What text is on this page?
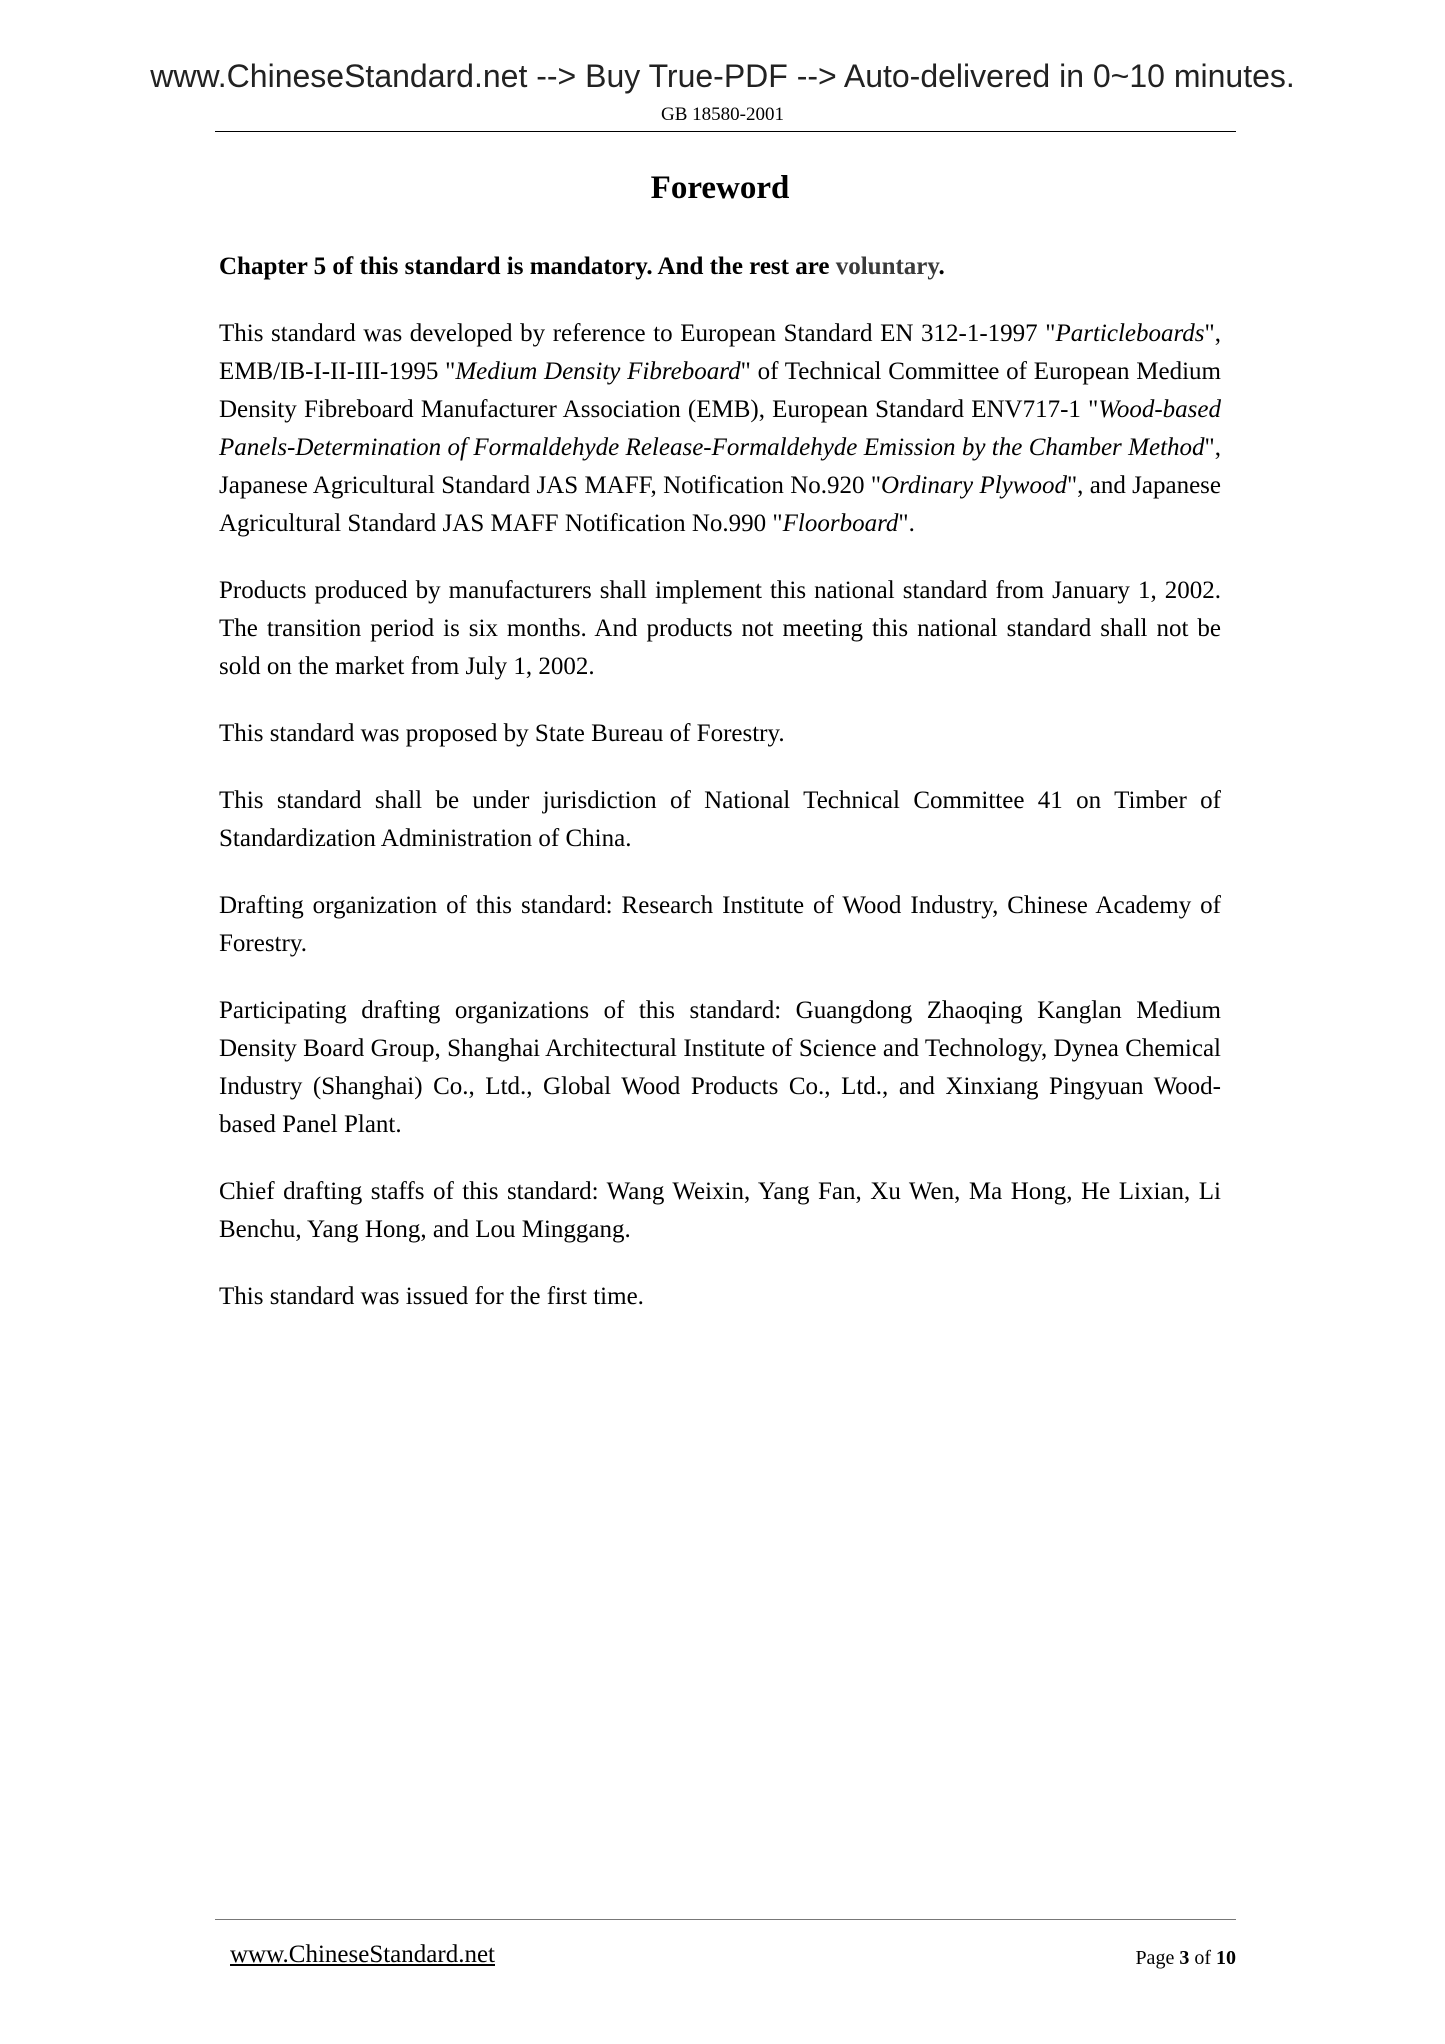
www.ChineseStandard.net --> Buy True-PDF --> Auto-delivered in 0~10 minutes.
GB 18580-2001
Foreword

Chapter 5 of this standard is mandatory. And the rest are voluntary.

This standard was developed by reference to European Standard EN 312-1-1997 "Particleboards", EMB/IB-I-II-III-1995 "Medium Density Fibreboard" of Technical Committee of European Medium Density Fibreboard Manufacturer Association (EMB), European Standard ENV717-1 "Wood-based Panels-Determination of Formaldehyde Release-Formaldehyde Emission by the Chamber Method", Japanese Agricultural Standard JAS MAFF, Notification No.920 "Ordinary Plywood", and Japanese Agricultural Standard JAS MAFF Notification No.990 "Floorboard".

Products produced by manufacturers shall implement this national standard from January 1, 2002. The transition period is six months. And products not meeting this national standard shall not be sold on the market from July 1, 2002.

This standard was proposed by State Bureau of Forestry.

This standard shall be under jurisdiction of National Technical Committee 41 on Timber of Standardization Administration of China.

Drafting organization of this standard: Research Institute of Wood Industry, Chinese Academy of Forestry.

Participating drafting organizations of this standard: Guangdong Zhaoqing Kanglan Medium Density Board Group, Shanghai Architectural Institute of Science and Technology, Dynea Chemical Industry (Shanghai) Co., Ltd., Global Wood Products Co., Ltd., and Xinxiang Pingyuan Wood-based Panel Plant.

Chief drafting staffs of this standard: Wang Weixin, Yang Fan, Xu Wen, Ma Hong, He Lixian, Li Benchu, Yang Hong, and Lou Minggang.

This standard was issued for the first time.

www.ChineseStandard.net	Page 3 of 10
